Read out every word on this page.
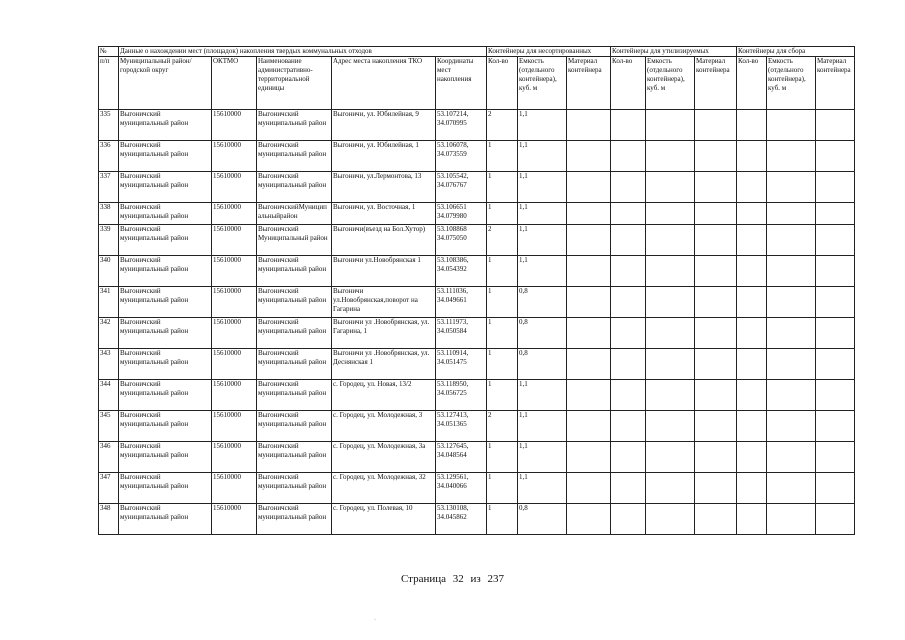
№	Данные о нахождении мест (площадок) накопления твердых коммунальных отходов					Контейнеры для несортированных			Контейнеры для утилизируемых			Контейнеры для сбора		
п/п	Муниципальный район/городской округ	ОКТМО	Наименование административно-территориальной единицы	Адрес места накопления ТКО	Координаты мест накопления	Кол-во	Емкость (отдельного контейнера), куб. м	Материал контейнера	Кол-во	Емкость (отдельного контейнера), куб. м	Материал контейнера	Кол-во	Емкость (отдельного контейнера), куб. м	Материал контейнера
335	Выгоничский муниципальный район	15610000	Выгоничский муниципальный район	Выгоничи, ул. Юбилейная, 9	53.107214, 34.070995	2	1,1							
336	Выгоничский муниципальный район	15610000	Выгоничский муниципальный район	Выгоничи, ул. Юбилейная, 1	53.106078, 34.073559	1	1,1							
337	Выгоничский муниципальный район	15610000	Выгоничский муниципальный район	Выгоничи, ул.Лермонтова, 13	53.105542, 34.076767	1	1,1							
338	Выгоничский муниципальный район	15610000	ВыгоничскийМуниципальныйрайон	Выгоничи, ул. Восточная, 1	53.106651 34.079980	1	1,1							
339	Выгоничский муниципальный район	15610000	Выгоничский Муниципальный район	Выгоничи(въезд на Бол.Хутор)	53.108868 34.075050	2	1,1							
340	Выгоничский муниципальный район	15610000	Выгоничский муниципальный район	Выгоничи ул.Новобрянская 1	53.108386, 34.054392	1	1,1							
341	Выгоничский муниципальный район	15610000	Выгоничский муниципальный район	Выгоничи ул.Новобрянская,поворот на Гагарина	53.111036, 34.049661	1	0,8							
342	Выгоничский муниципальный район	15610000	Выгоничский муниципальный район	Выгоничи ул .Новобрянская, ул. Гагарина, 1	53.111973, 34.050584	1	0,8							
343	Выгоничский муниципальный район	15610000	Выгоничский муниципальный район	Выгоничи ул .Новобрянская, ул. Деснянская 1	53.110914, 34.051475	1	0,8							
344	Выгоничский муниципальный район	15610000	Выгоничский муниципальный район	с. Городец, ул. Новая, 13/2	53.118950, 34.056725	1	1,1							
345	Выгоничский муниципальный район	15610000	Выгоничский муниципальный район	с. Городец, ул. Молодежная, 3	53.127413, 34.051365	2	1,1							
346	Выгоничский муниципальный район	15610000	Выгоничский муниципальный район	с. Городец, ул. Молодежная, 3а	53.127645, 34.048564	1	1,1							
347	Выгоничский муниципальный район	15610000	Выгоничский муниципальный район	с. Городец, ул. Молодежная, 32	53.129561, 34.040066	1	1,1							
348	Выгоничский муниципальный район	15610000	Выгоничский муниципальный район	с. Городец, ул. Полевая, 10	53.130108, 34.045862	1	0,8							
Страница 32 из 237
·
